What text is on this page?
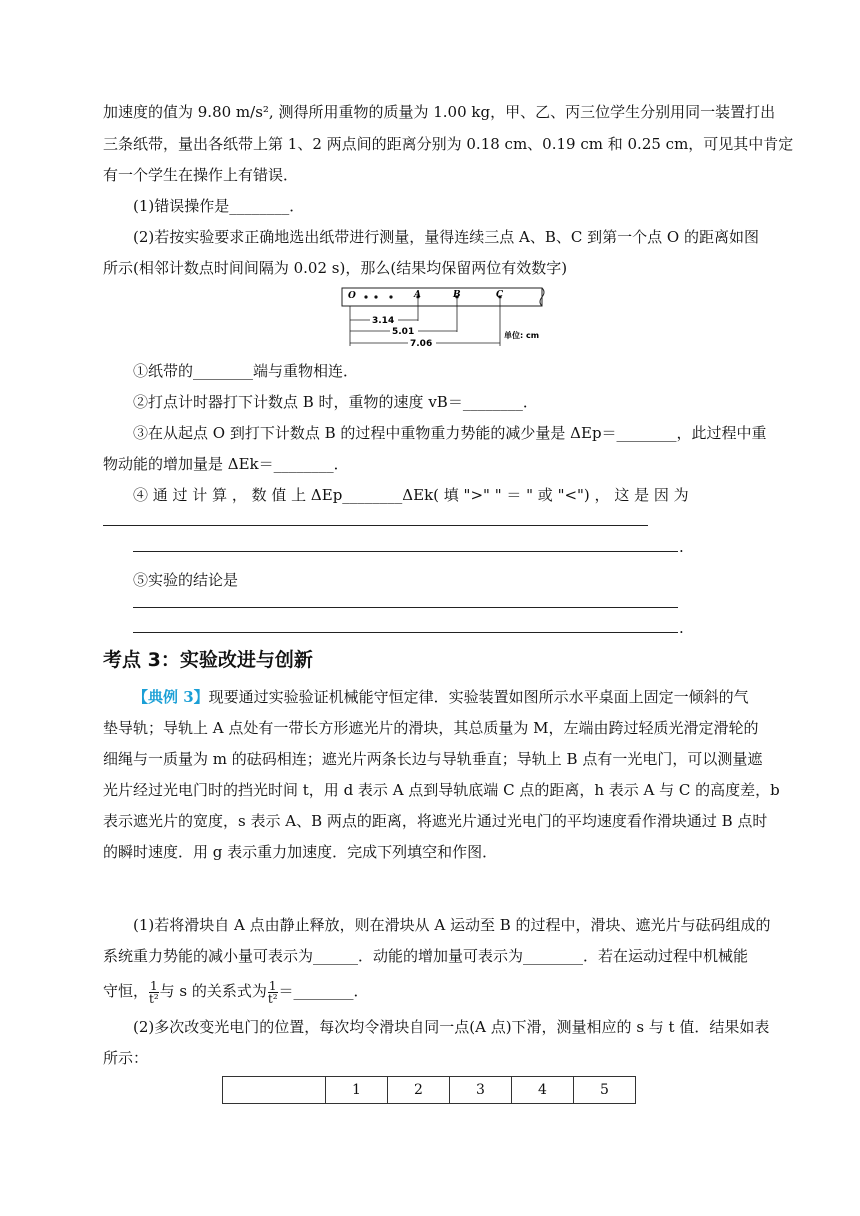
加速度的值为 9.80 m/s², 测得所用重物的质量为 1.00 kg，甲、乙、丙三位学生分别用同一装置打出
三条纸带，量出各纸带上第 1、2 两点间的距离分别为 0.18 cm、0.19 cm 和 0.25 cm，可见其中肯定
有一个学生在操作上有错误．
(1)错误操作是________．
(2)若按实验要求正确地选出纸带进行测量，量得连续三点 A、B、C 到第一个点 O 的距离如图
所示(相邻计数点时间间隔为 0.02 s)，那么(结果均保留两位有效数字)
O	A	B	C
3.14
5.01
7.06
单位: cm
①纸带的________端与重物相连．
②打点计时器打下计数点 B 时，重物的速度 vB＝________．
③在从起点 O 到打下计数点 B 的过程中重物重力势能的减少量是 ΔEp＝________，此过程中重
物动能的增加量是 ΔEk＝________．
④ 通 过 计 算 ， 数 值 上 ΔEp________ΔEk( 填 ">" " ＝ " 或 "<") ， 这 是 因 为
.
⑤实验的结论是
.
考点 3：实验改进与创新
【典例 3】现要通过实验验证机械能守恒定律．实验装置如图所示水平桌面上固定一倾斜的气
垫导轨；导轨上 A 点处有一带长方形遮光片的滑块，其总质量为 M，左端由跨过轻质光滑定滑轮的
细绳与一质量为 m 的砝码相连；遮光片两条长边与导轨垂直；导轨上 B 点有一光电门，可以测量遮
光片经过光电门时的挡光时间 t，用 d 表示 A 点到导轨底端 C 点的距离，h 表示 A 与 C 的高度差，b
表示遮光片的宽度，s 表示 A、B 两点的距离，将遮光片通过光电门的平均速度看作滑块通过 B 点时
的瞬时速度．用 g 表示重力加速度．完成下列填空和作图．
(1)若将滑块自 A 点由静止释放，则在滑块从 A 运动至 B 的过程中，滑块、遮光片与砝码组成的
系统重力势能的减小量可表示为______．动能的增加量可表示为________．若在运动过程中机械能
守恒， $\frac{1}{\text{t²}}$ 与 s 的关系式为 $\frac{1}{\text{t²}}$ ＝________．
(2)多次改变光电门的位置，每次均令滑块自同一点(A 点)下滑，测量相应的 s 与 t 值．结果如表
所示：
	1	2	3	4	5
